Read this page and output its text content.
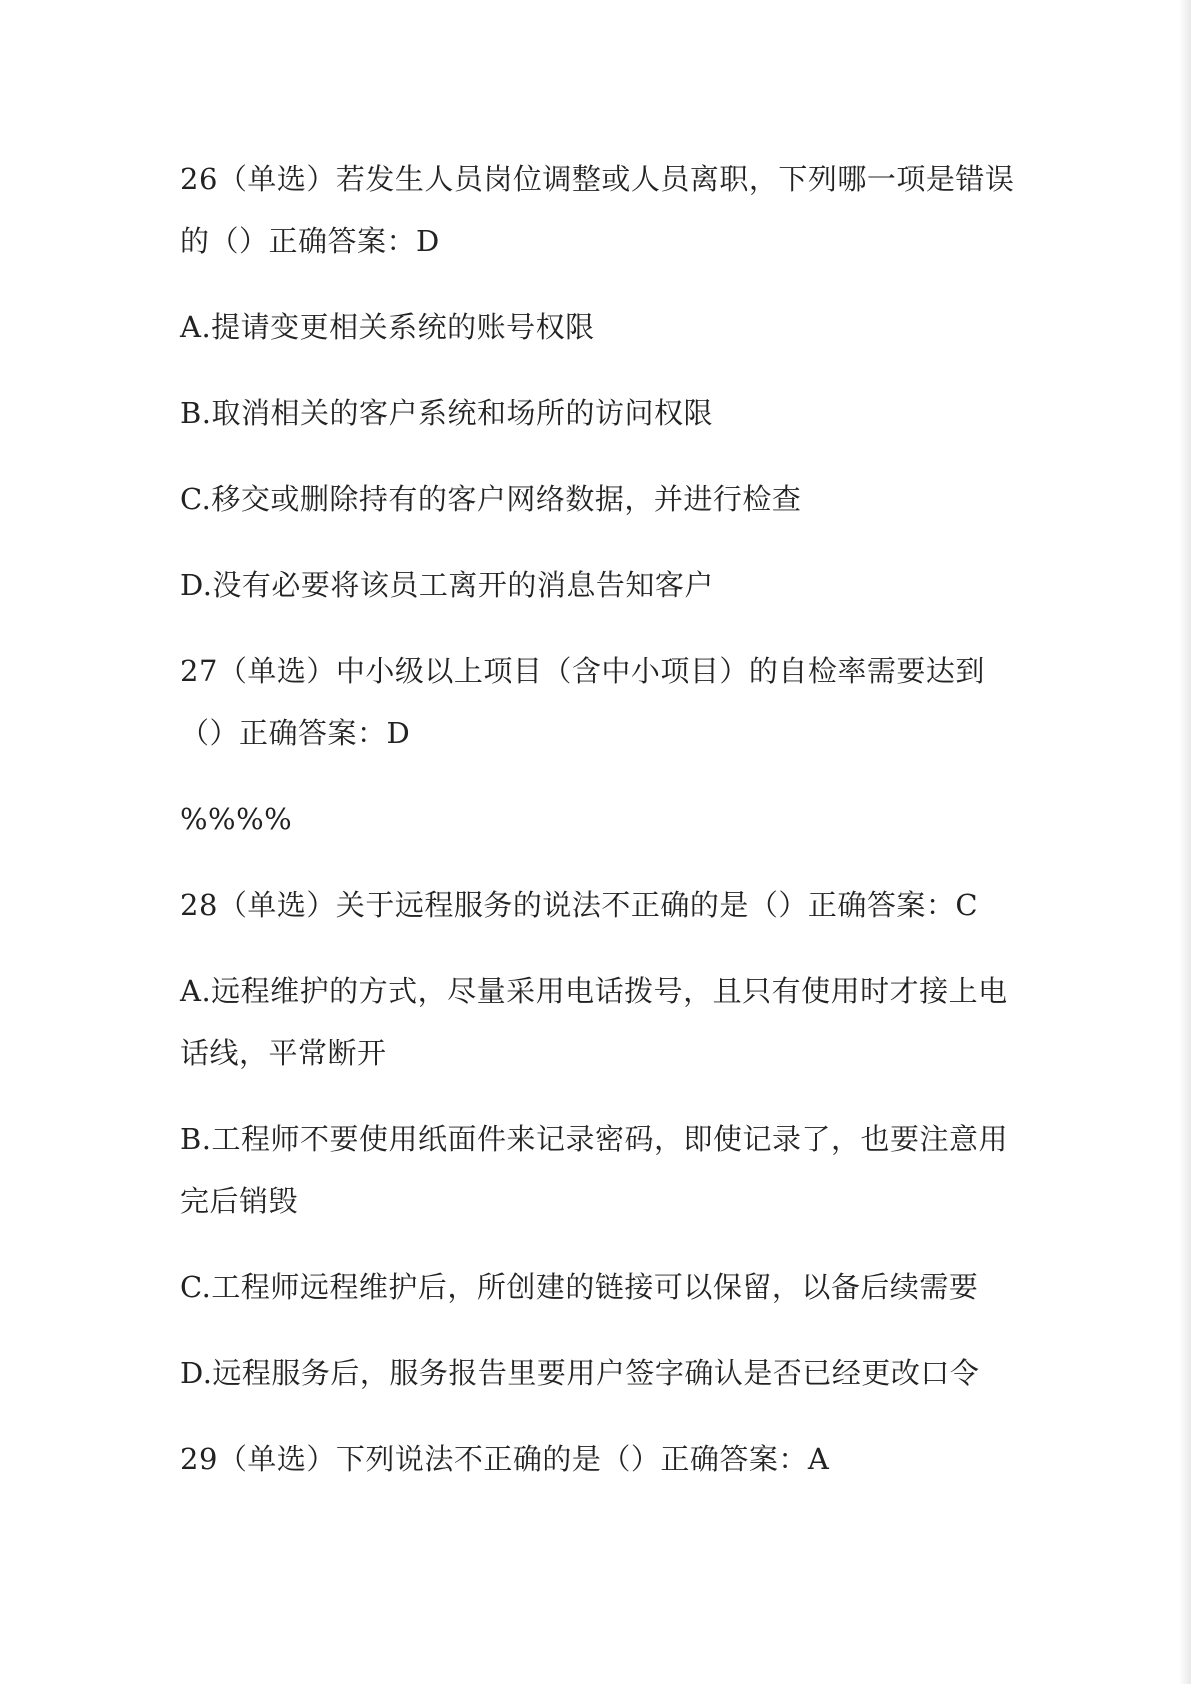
26（单选）若发生人员岗位调整或人员离职，下列哪一项是错误的（）正确答案：D

A.提请变更相关系统的账号权限

B.取消相关的客户系统和场所的访问权限

C.移交或删除持有的客户网络数据，并进行检查

D.没有必要将该员工离开的消息告知客户

27（单选）中小级以上项目（含中小项目）的自检率需要达到（）正确答案：D

%%%%

28（单选）关于远程服务的说法不正确的是（）正确答案：C

A.远程维护的方式，尽量采用电话拨号，且只有使用时才接上电话线，平常断开

B.工程师不要使用纸面件来记录密码，即使记录了，也要注意用完后销毁

C.工程师远程维护后，所创建的链接可以保留，以备后续需要

D.远程服务后，服务报告里要用户签字确认是否已经更改口令

29（单选）下列说法不正确的是（）正确答案：A
